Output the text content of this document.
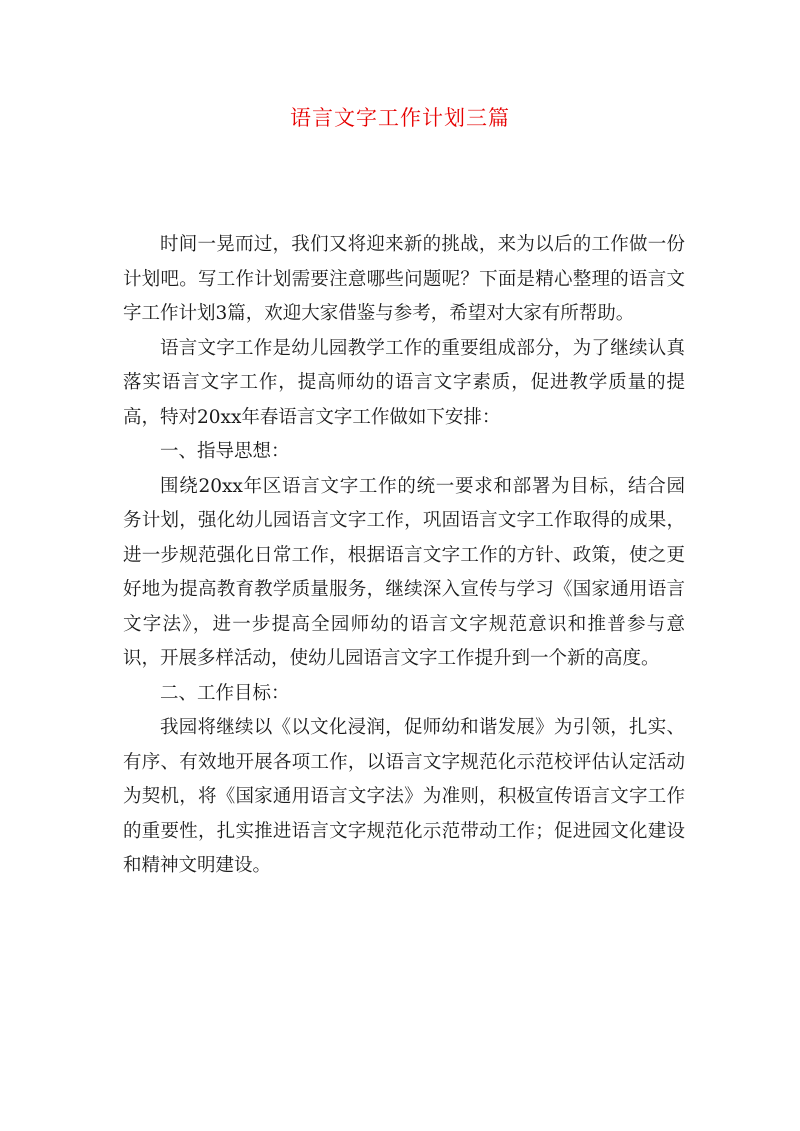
语言文字工作计划三篇

时间一晃而过，我们又将迎来新的挑战，来为以后的工作做一份计划吧。写工作计划需要注意哪些问题呢？下面是精心整理的语言文字工作计划3篇，欢迎大家借鉴与参考，希望对大家有所帮助。

语言文字工作是幼儿园教学工作的重要组成部分，为了继续认真落实语言文字工作，提高师幼的语言文字素质，促进教学质量的提高，特对20xx年春语言文字工作做如下安排：

一、指导思想：

围绕20xx年区语言文字工作的统一要求和部署为目标，结合园务计划，强化幼儿园语言文字工作，巩固语言文字工作取得的成果，进一步规范强化日常工作，根据语言文字工作的方针、政策，使之更好地为提高教育教学质量服务，继续深入宣传与学习《国家通用语言文字法》，进一步提高全园师幼的语言文字规范意识和推普参与意识，开展多样活动，使幼儿园语言文字工作提升到一个新的高度。

二、工作目标：

我园将继续以《以文化浸润，促师幼和谐发展》为引领，扎实、有序、有效地开展各项工作，以语言文字规范化示范校评估认定活动为契机，将《国家通用语言文字法》为准则，积极宣传语言文字工作的重要性，扎实推进语言文字规范化示范带动工作；促进园文化建设和精神文明建设。
